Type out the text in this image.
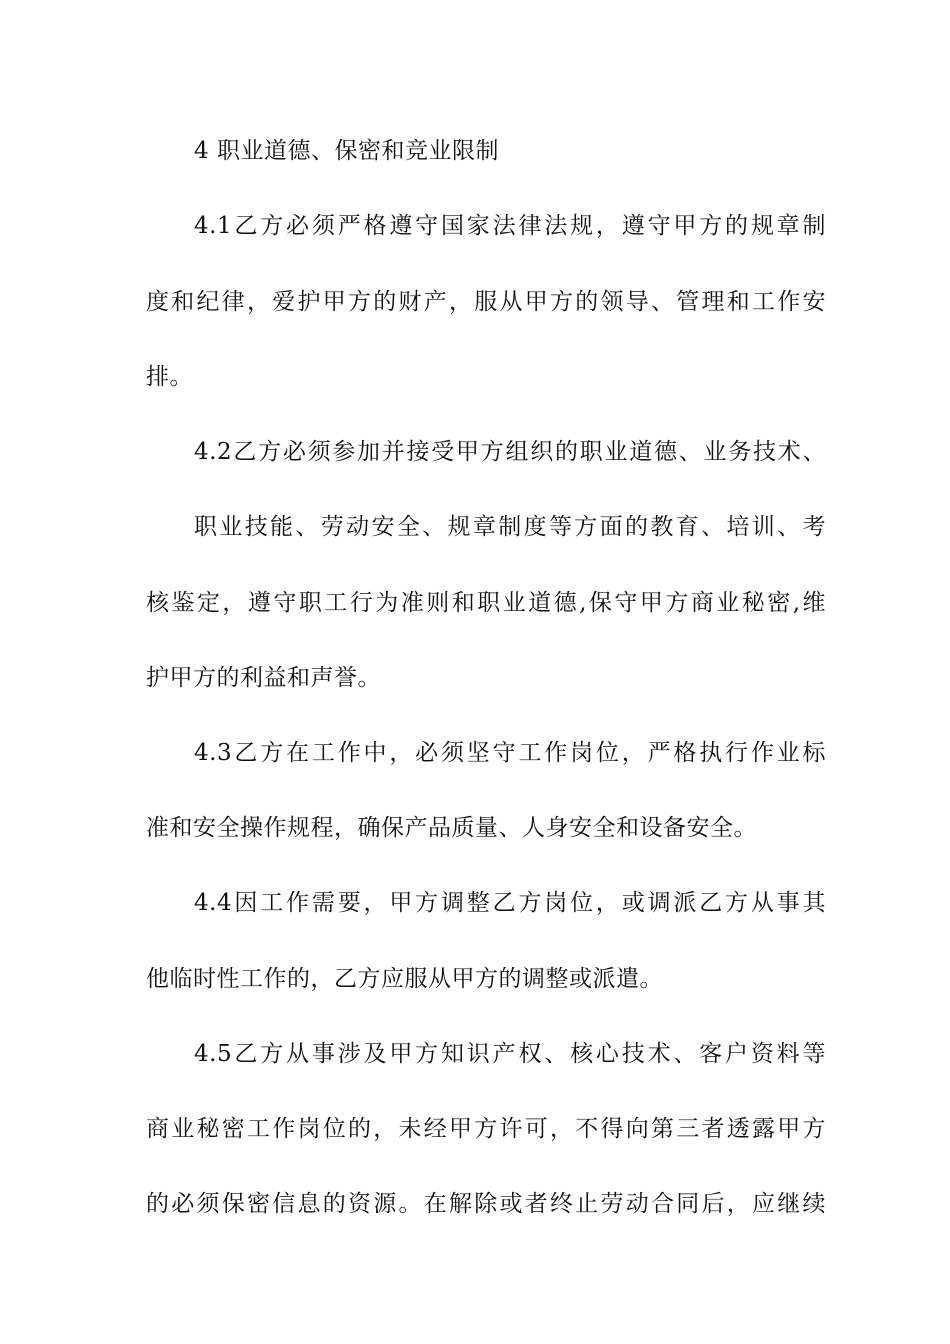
4 职业道德、保密和竞业限制
4.1乙方必须严格遵守国家法律法规，遵守甲方的规章制
度和纪律，爱护甲方的财产，服从甲方的领导、管理和工作安
排。
4.2乙方必须参加并接受甲方组织的职业道德、业务技术、
职业技能、劳动安全、规章制度等方面的教育、培训、考
核鉴定，遵守职工行为准则和职业道德,保守甲方商业秘密,维
护甲方的利益和声誉。
4.3乙方在工作中，必须坚守工作岗位，严格执行作业标
准和安全操作规程，确保产品质量、人身安全和设备安全。
4.4因工作需要，甲方调整乙方岗位，或调派乙方从事其
他临时性工作的，乙方应服从甲方的调整或派遣。
4.5乙方从事涉及甲方知识产权、核心技术、客户资料等
商业秘密工作岗位的，未经甲方许可，不得向第三者透露甲方
的必须保密信息的资源。在解除或者终止劳动合同后，应继续
